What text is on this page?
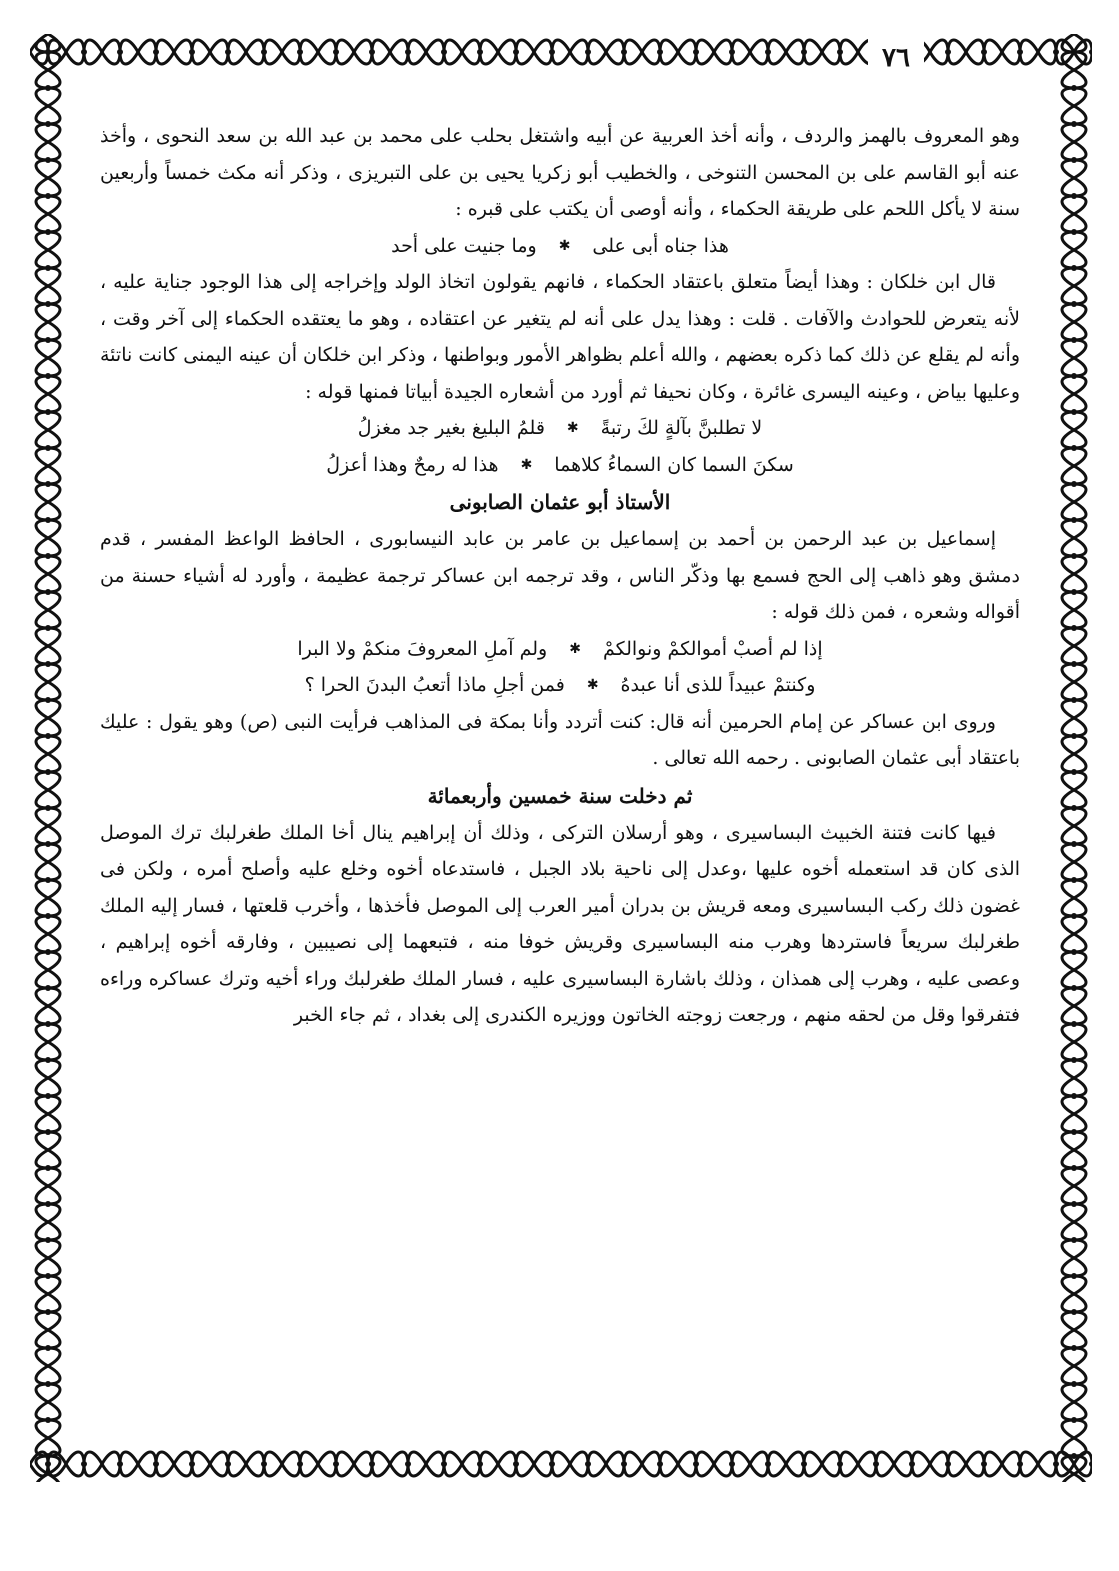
٧٦

وهو المعروف بالهمز والردف ، وأنه أخذ العربية عن أبيه واشتغل بحلب على محمد بن عبد الله بن سعد النحوى ، وأخذ عنه أبو القاسم على بن المحسن التنوخى ، والخطيب أبو زكريا يحيى بن على التبريزى ، وذكر أنه مكث خمساً وأربعين سنة لا يأكل اللحم على طريقة الحكماء ، وأنه أوصى أن يكتب على قبره :

هذا جناه أبى على
✱
وما جنيت على أحد

قال ابن خلكان : وهذا أيضاً متعلق باعتقاد الحكماء ، فانهم يقولون اتخاذ الولد وإخراجه إلى هذا الوجود جناية عليه ، لأنه يتعرض للحوادث والآفات . قلت : وهذا يدل على أنه لم يتغير عن اعتقاده ، وهو ما يعتقده الحكماء إلى آخر وقت ، وأنه لم يقلع عن ذلك كما ذكره بعضهم ، والله أعلم بظواهر الأمور وبواطنها ، وذكر ابن خلكان أن عينه اليمنى كانت ناتئة وعليها بياض ، وعينه اليسرى غائرة ، وكان نحيفا ثم أورد من أشعاره الجيدة أبياتا فمنها قوله :

لا تطلبنَّ بآلةٍ لكَ رتبةً
✱
قلمُ البليغ بغير جد مغزلُ
سكنَ السما كان السماءُ كلاهما
✱
هذا له رمحٌ وهذا أعزلُ
الأستاذ أبو عثمان الصابونى

إسماعيل بن عبد الرحمن بن أحمد بن إسماعيل بن عامر بن عابد النيسابورى ، الحافظ الواعظ المفسر ، قدم دمشق وهو ذاهب إلى الحج فسمع بها وذكّر الناس ، وقد ترجمه ابن عساكر ترجمة عظيمة ، وأورد له أشياء حسنة من أقواله وشعره ، فمن ذلك قوله :

إذا لم أصبْ أموالكمْ ونوالكمْ
✱
ولم آملِ المعروفَ منكمْ ولا البرا
وكنتمْ عبيداً للذى أنا عبدهُ
✱
فمن أجلِ ماذا أتعبُ البدنَ الحرا ؟

وروى ابن عساكر عن إمام الحرمين أنه قال: كنت أتردد وأنا بمكة فى المذاهب فرأيت النبى (ص) وهو يقول : عليك باعتقاد أبى عثمان الصابونى . رحمه الله تعالى .

ثم دخلت سنة خمسين وأربعمائة

فيها كانت فتنة الخبيث البساسيرى ، وهو أرسلان التركى ، وذلك أن إبراهيم ينال أخا الملك طغرلبك ترك الموصل الذى كان قد استعمله أخوه عليها ،وعدل إلى ناحية بلاد الجبل ، فاستدعاه أخوه وخلع عليه وأصلح أمره ، ولكن فى غضون ذلك ركب البساسيرى ومعه قريش بن بدران أمير العرب إلى الموصل فأخذها ، وأخرب قلعتها ، فسار إليه الملك طغرلبك سريعاً فاستردها وهرب منه البساسيرى وقريش خوفا منه ، فتبعهما إلى نصيبين ، وفارقه أخوه إبراهيم ، وعصى عليه ، وهرب إلى همذان ، وذلك باشارة البساسيرى عليه ، فسار الملك طغرلبك وراء أخيه وترك عساكره وراءه فتفرقوا وقل من لحقه منهم ، ورجعت زوجته الخاتون ووزيره الكندرى إلى بغداد ، ثم جاء الخبر
